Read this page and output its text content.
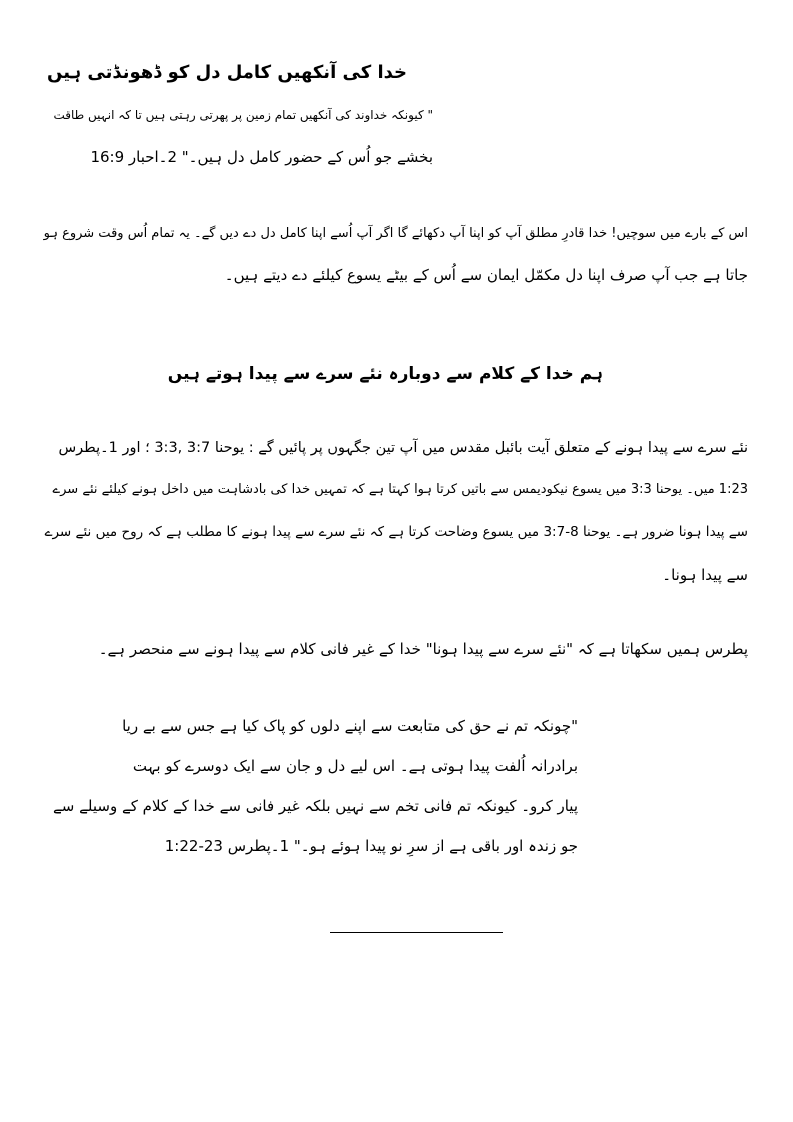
خدا کی آنکھیں کامل دل کو ڈھونڈتی ہیں
" کیونکہ خداوند کی آنکھیں تمام زمین پر پھرتی رہتی ہیں تا کہ انہیں طاقت
بخشے جو اُس کے حضور کامل دل ہیں۔" 2۔احبار 16:9
اس کے بارے میں سوچیں! خدا قادرِ مطلق آپ کو اپنا آپ دکھائے گا اگر آپ اُسے اپنا کامل دل دے دیں گے۔ یہ تمام اُس وقت شروع ہو
جاتا ہے جب آپ صرف اپنا دل مکمّل ایمان سے اُس کے بیٹے یسوع کیلئے دے دیتے ہیں۔
ہم خدا کے کلام سے دوبارہ نئے سرے سے پیدا ہوتے ہیں
نئے سرے سے پیدا ہونے کے متعلق آیت بائبل مقدس میں آپ تین جگہوں پر پائیں گے : یوحنا 3:7 ,3:3 ؛ اور 1۔پطرس
1:23 میں۔ یوحنا 3:3 میں یسوع نیکودیمس سے باتیں کرتا ہوا کہتا ہے کہ تمہیں خدا کی بادشاہت میں داخل ہونے کیلئے نئے سرے
سے پیدا ہونا ضرور ہے۔ یوحنا 8-3:7 میں یسوع وضاحت کرتا ہے کہ نئے سرے سے پیدا ہونے کا مطلب ہے کہ روح میں نئے سرے
سے پیدا ہونا۔
پطرس ہمیں سکھاتا ہے کہ "نئے سرے سے پیدا ہونا" خدا کے غیر فانی کلام سے پیدا ہونے سے منحصر ہے۔
"چونکہ تم نے حق کی متابعت سے اپنے دلوں کو پاک کیا ہے جس سے بے ریا
برادرانہ اُلفت پیدا ہوتی ہے۔ اس لیے دل و جان سے ایک دوسرے کو بہت
پیار کرو۔ کیونکہ تم فانی تخم سے نہیں بلکہ غیر فانی سے خدا کے کلام کے وسیلے سے
جو زندہ اور باقی ہے از سرِ نو پیدا ہوئے ہو۔" 1۔پطرس 23-1:22
